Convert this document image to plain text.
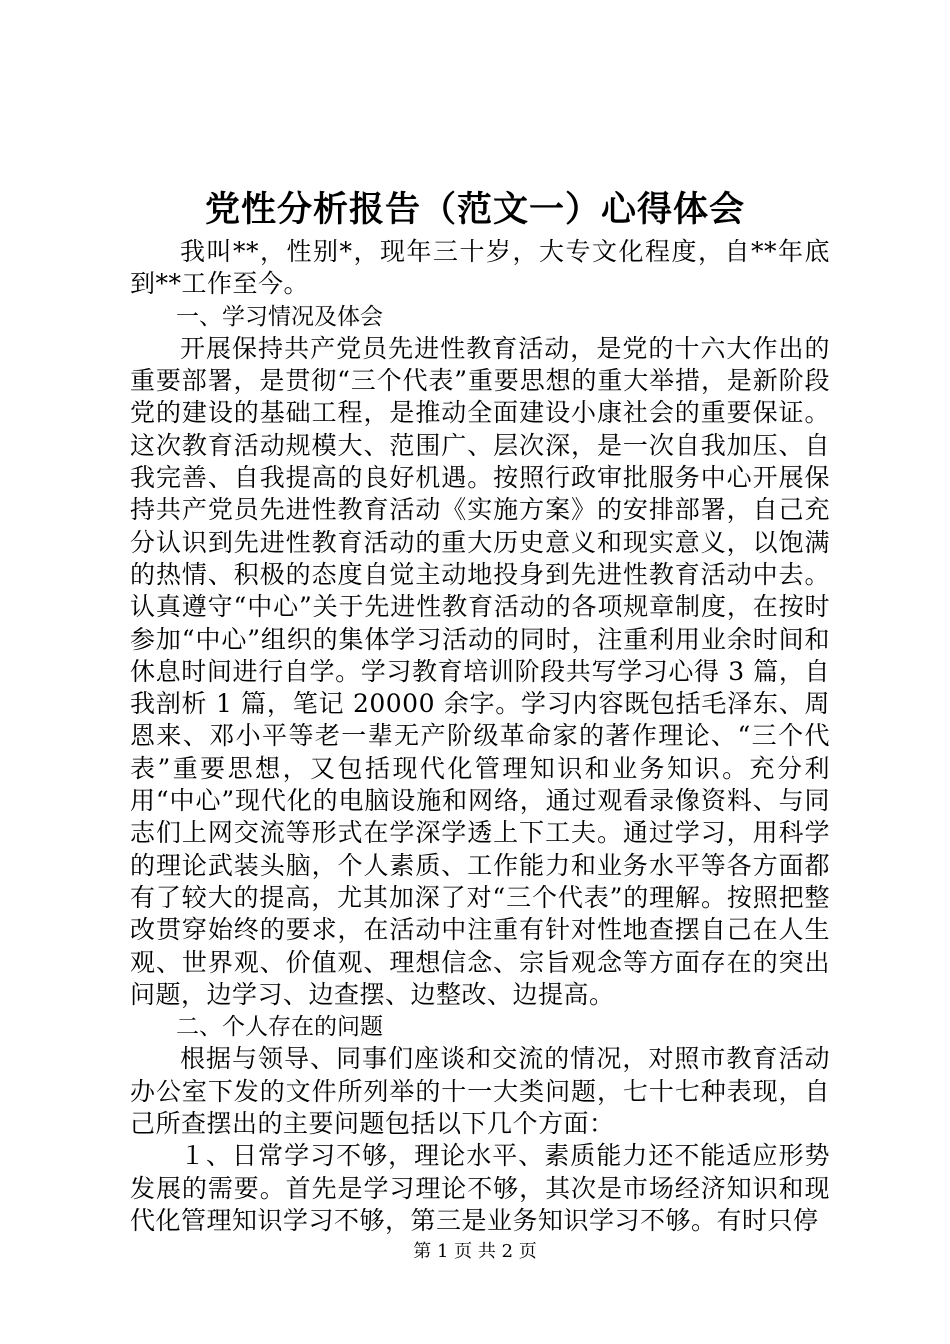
党性分析报告（范文一）心得体会

我叫**，性别*，现年三十岁，大专文化程度，自**年底到**工作至今。

一、学习情况及体会

开展保持共产党员先进性教育活动，是党的十六大作出的重要部署，是贯彻“三个代表”重要思想的重大举措，是新阶段党的建设的基础工程，是推动全面建设小康社会的重要保证。这次教育活动规模大、范围广、层次深，是一次自我加压、自我完善、自我提高的良好机遇。按照行政审批服务中心开展保持共产党员先进性教育活动《实施方案》的安排部署，自己充分认识到先进性教育活动的重大历史意义和现实意义，以饱满的热情、积极的态度自觉主动地投身到先进性教育活动中去。认真遵守“中心”关于先进性教育活动的各项规章制度，在按时参加“中心”组织的集体学习活动的同时，注重利用业余时间和休息时间进行自学。学习教育培训阶段共写学习心得 3 篇，自我剖析 1 篇，笔记 20000 余字。学习内容既包括毛泽东、周恩来、邓小平等老一辈无产阶级革命家的著作理论、“三个代表”重要思想，又包括现代化管理知识和业务知识。充分利用“中心”现代化的电脑设施和网络，通过观看录像资料、与同志们上网交流等形式在学深学透上下工夫。通过学习，用科学的理论武装头脑，个人素质、工作能力和业务水平等各方面都有了较大的提高，尤其加深了对“三个代表”的理解。按照把整改贯穿始终的要求，在活动中注重有针对性地查摆自己在人生观、世界观、价值观、理想信念、宗旨观念等方面存在的突出问题，边学习、边查摆、边整改、边提高。

二、个人存在的问题

根据与领导、同事们座谈和交流的情况，对照市教育活动办公室下发的文件所列举的十一大类问题，七十七种表现，自己所查摆出的主要问题包括以下几个方面：

１、日常学习不够，理论水平、素质能力还不能适应形势发展的需要。首先是学习理论不够，其次是市场经济知识和现代化管理知识学习不够，第三是业务知识学习不够。有时只停

第 1 页 共 2 页
